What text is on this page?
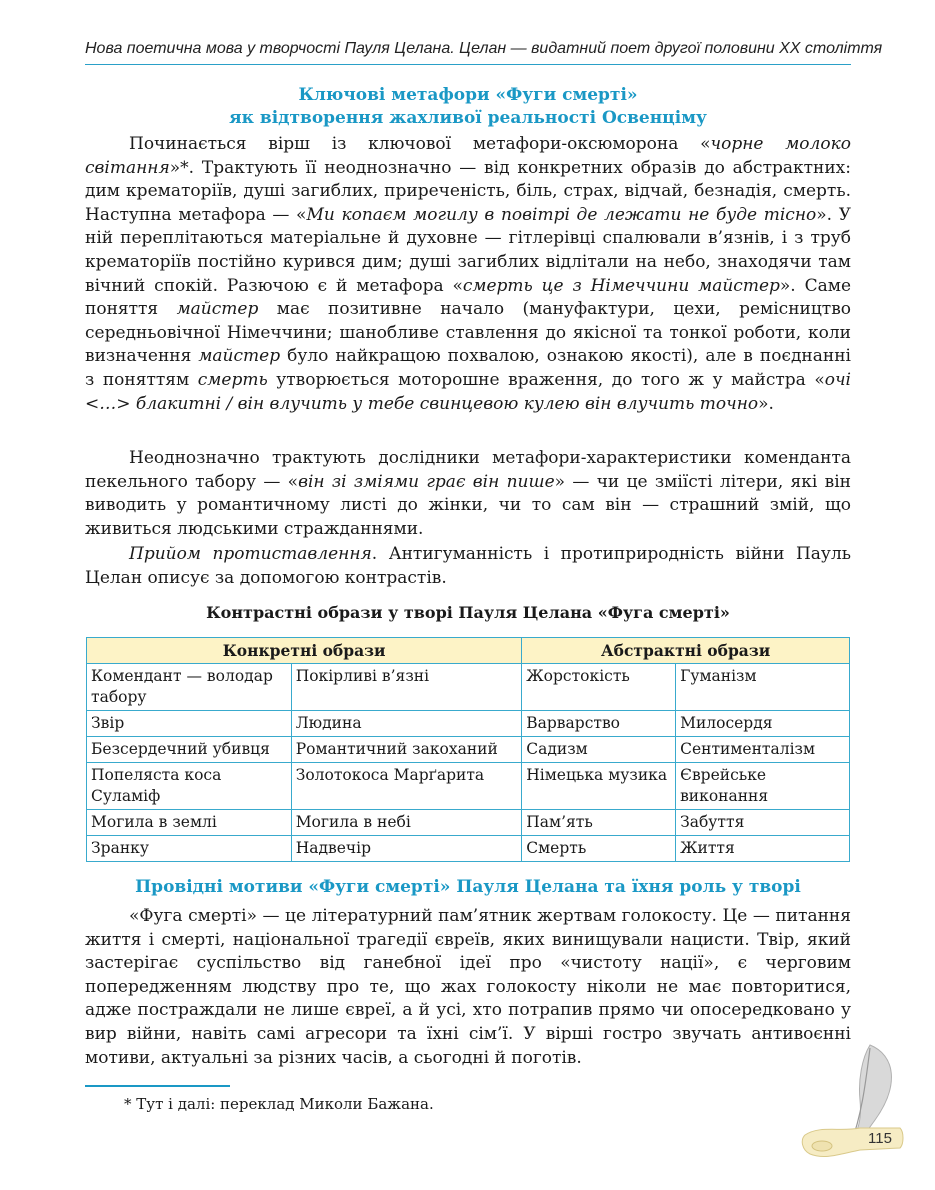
Нова поетична мова у творчості Пауля Целана. Целан — видатний поет другої половини ХХ століття
Ключові метафори «Фуги смерті»
як відтворення жахливої реальності Освенціму

Починається вірш із ключової метафори-оксюморона «чорне молоко світання»*. Трактують її неоднозначно — від конкретних образів до абстрактних: дим крематоріїв, душі загиблих, приреченість, біль, страх, відчай, безнадія, смерть. Наступна метафора — «Ми копаєм могилу в повітрі де лежати не буде тісно». У ній переплітаються матеріальне й духовне — гітлерівці спалювали в’язнів, і з труб крематоріїв постійно курився дим; душі загиблих відлітали на небо, знаходячи там вічний спокій. Разючою є й метафора «смерть це з Німеччини майстер». Саме поняття майстер має позитивне начало (мануфактури, цехи, ремісництво середньовічної Німеччини; шанобливе ставлення до якісної та тонкої роботи, коли визначення майстер було найкращою похвалою, ознакою якості), але в поєднанні з поняттям смерть утворюється моторошне враження, до того ж у майстра «очі <…> блакитні / він влучить у тебе свинцевою кулею він влучить точно».

Неоднозначно трактують дослідники метафори-характеристики коменданта пекельного табору — «він зі зміями грає він пише» — чи це зміїсті літери, які він виводить у романтичному листі до жінки, чи то сам він — страшний змій, що живиться людськими стражданнями.

Прийом протиставлення. Антигуманність і протиприродність війни Пауль Целан описує за допомогою контрастів.

Контрастні образи у творі Пауля Целана «Фуга смерті»
Конкретні образи		Абстрактні образи	
Комендант — володар табору	Покірливі в’язні	Жорстокість	Гуманізм
Звір	Людина	Варварство	Милосердя
Безсердечний убивця	Романтичний закоханий	Садизм	Сентименталізм
Попеляста коса Суламіф	Золотокоса Марґарита	Німецька музика	Єврейське виконання
Могила в землі	Могила в небі	Пам’ять	Забуття
Зранку	Надвечір	Смерть	Життя
Провідні мотиви «Фуги смерті» Пауля Целана та їхня роль у творі

«Фуга смерті» — це літературний пам’ятник жертвам голокосту. Це — питання життя і смерті, національної трагедії євреїв, яких винищували нацисти. Твір, який застерігає суспільство від ганебної ідеї про «чистоту нації», є черговим попередженням людству про те, що жах голокосту ніколи не має повторитися, адже постраждали не лише євреї, а й усі, хто потрапив прямо чи опосередковано у вир війни, навіть самі агресори та їхні сім’ї. У вірші гостро звучать антивоєнні мотиви, актуальні за різних часів, а сьогодні й поготів.

* Тут і далі: переклад Миколи Бажана.
115
